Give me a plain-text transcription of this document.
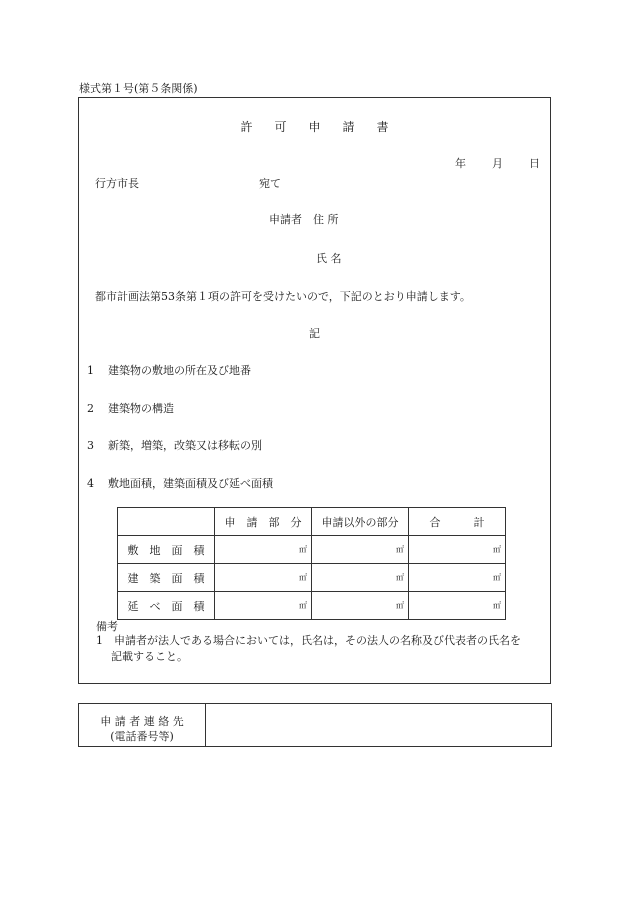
様式第１号(第５条関係)
許 可 申 請 書
年 月 日
行方市長	宛て
申請者　住 所
氏 名
都市計画法第53条第１項の許可を受けたいので，下記のとおり申請します。
記
1 建築物の敷地の所在及び地番
2 建築物の構造
3 新築，増築，改築又は移転の別
4 敷地面積，建築面積及び延べ面積
	申　請　部　分	申請以外の部分	合　　　計
敷　地　面　積	㎡	㎡	㎡
建　築　面　積	㎡	㎡	㎡
延　べ　面　積	㎡	㎡	㎡
備考
1　申請者が法人である場合においては，氏名は，その法人の名称及び代表者の氏名を
記載すること。
申 請 者 連 絡 先
(電話番号等)
